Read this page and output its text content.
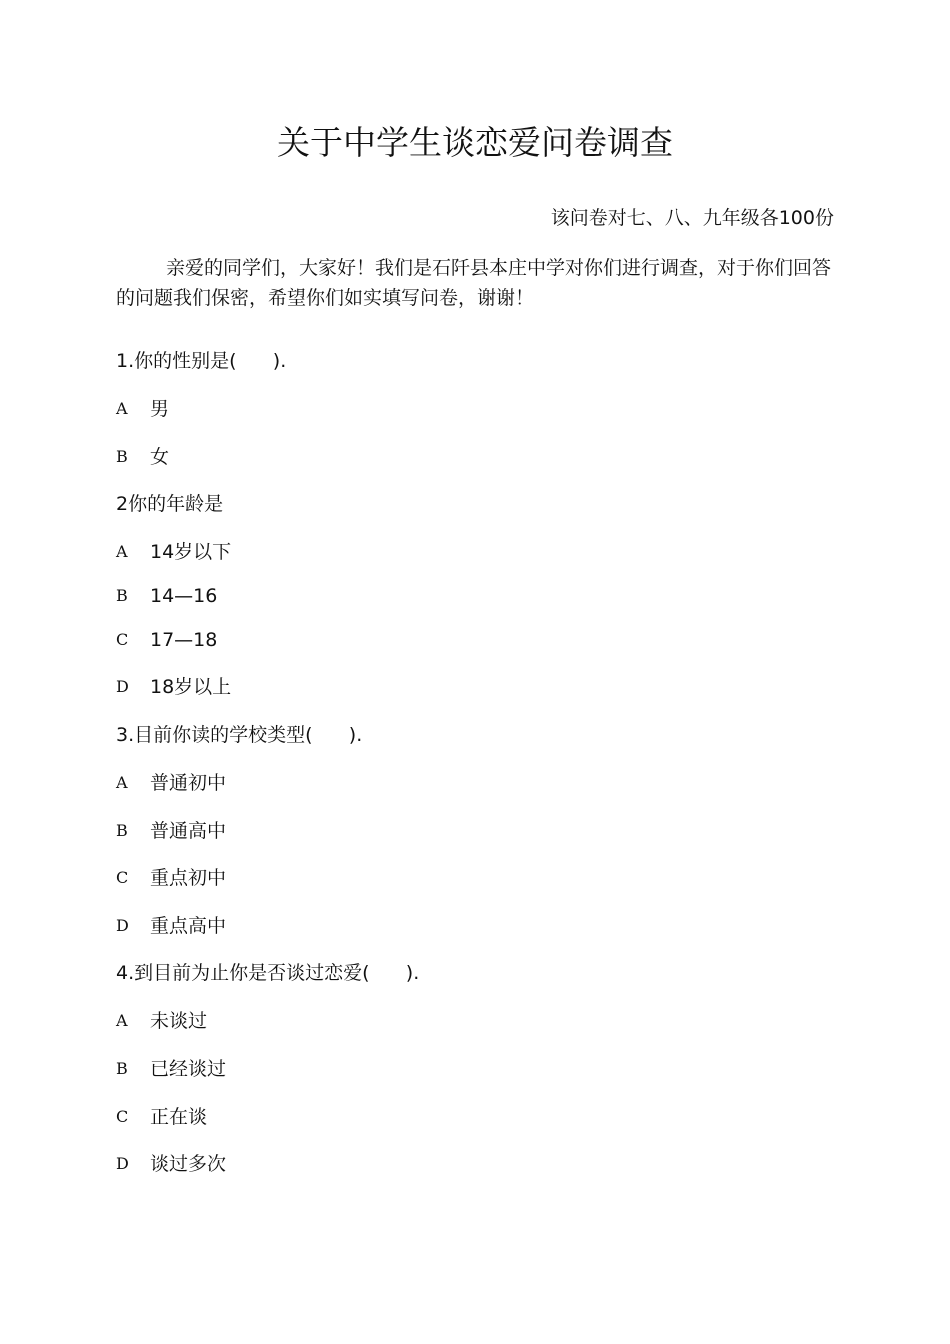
关于中学生谈恋爱问卷调查
该问卷对七、八、九年级各100份
亲爱的同学们，大家好！我们是石阡县本庄中学对你们进行调查，对于你们回答的问题我们保密，希望你们如实填写问卷，谢谢！
1.你的性别是(      ).
A 男
B 女
2你的年龄是
A 14岁以下
B 14—16
C 17—18
D 18岁以上
3.目前你读的学校类型(      ).
A 普通初中
B 普通高中
C 重点初中
D 重点高中
4.到目前为止你是否谈过恋爱(      ).
A 未谈过
B 已经谈过
C 正在谈
D 谈过多次
